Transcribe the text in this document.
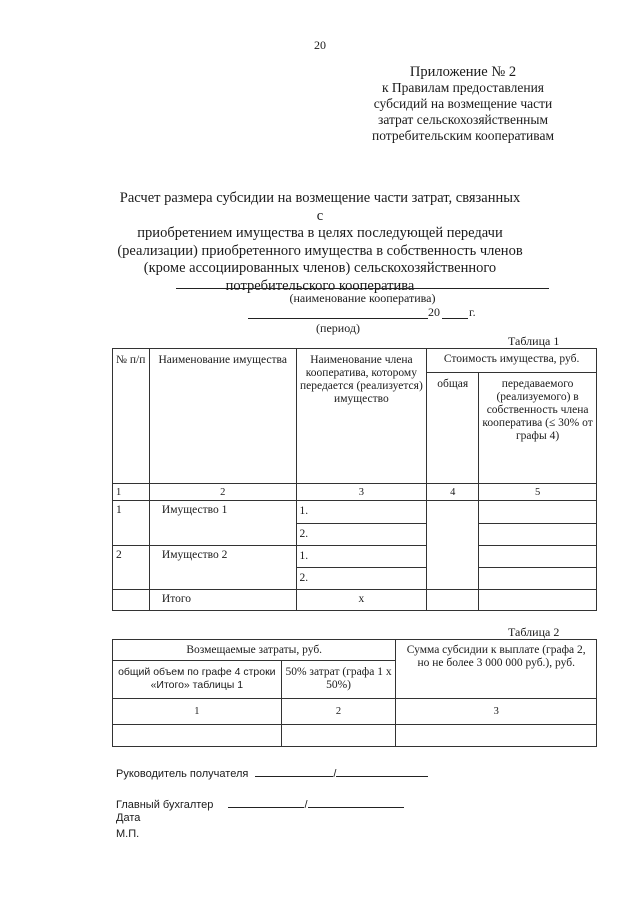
20
Приложение № 2
к Правилам предоставления
субсидий на возмещение части
затрат сельскохозяйственным
потребительским кооперативам
Расчет размера субсидии на возмещение части затрат, связанных с
приобретением имущества в целях последующей передачи
(реализации) приобретенного имущества в собственность членов
(кроме ассоциированных членов) сельскохозяйственного
потребительского кооператива
(наименование кооператива)
20 г.
(период)
Таблица 1
№ п/п	Наименование имущества	Наименование члена кооператива, которому передается (реализуется) имущество	Стоимость имущества, руб.	
			общая	передаваемого (реализуемого) в собственность члена кооператива (≤ 30% от графы 4)
1	2	3	4	5
1	Имущество 1	1.		
		2.		
2	Имущество 2	1.		
		2.		
	Итого	х		
Таблица 2
Возмещаемые затраты, руб.		Сумма субсидии к выплате (графа 2, но не более 3 000 000 руб.), руб.
общий объем по графе 4 строки «Итого» таблицы 1	50% затрат (графа 1 х 50%)	
1	2	3

Руководитель получателя	/
Главный бухгалтер	/
Дата
М.П.
